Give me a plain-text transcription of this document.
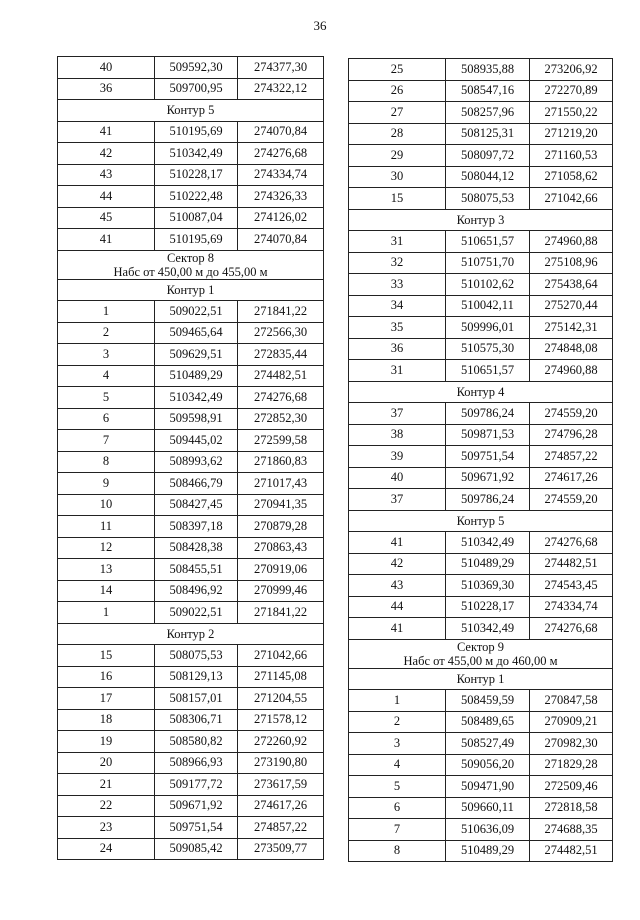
36
40	509592,30	274377,30
36	509700,95	274322,12

Контур 5		

41	510195,69	274070,84
42	510342,49	274276,68
43	510228,17	274334,74
44	510222,48	274326,33
45	510087,04	274126,02
41	510195,69	274070,84

Сектор 8
Набс от 450,00 м до 455,00 м		

Контур 1		

1	509022,51	271841,22
2	509465,64	272566,30
3	509629,51	272835,44
4	510489,29	274482,51
5	510342,49	274276,68
6	509598,91	272852,30
7	509445,02	272599,58
8	508993,62	271860,83
9	508466,79	271017,43
10	508427,45	270941,35
11	508397,18	270879,28
12	508428,38	270863,43
13	508455,51	270919,06
14	508496,92	270999,46
1	509022,51	271841,22

Контур 2		

15	508075,53	271042,66
16	508129,13	271145,08
17	508157,01	271204,55
18	508306,71	271578,12
19	508580,82	272260,92
20	508966,93	273190,80
21	509177,72	273617,59
22	509671,92	274617,26
23	509751,54	274857,22
24	509085,42	273509,77
25	508935,88	273206,92
26	508547,16	272270,89
27	508257,96	271550,22
28	508125,31	271219,20
29	508097,72	271160,53
30	508044,12	271058,62
15	508075,53	271042,66

Контур 3		

31	510651,57	274960,88
32	510751,70	275108,96
33	510102,62	275438,64
34	510042,11	275270,44
35	509996,01	275142,31
36	510575,30	274848,08
31	510651,57	274960,88

Контур 4		

37	509786,24	274559,20
38	509871,53	274796,28
39	509751,54	274857,22
40	509671,92	274617,26
37	509786,24	274559,20

Контур 5		

41	510342,49	274276,68
42	510489,29	274482,51
43	510369,30	274543,45
44	510228,17	274334,74
41	510342,49	274276,68

Сектор 9
Набс от 455,00 м до 460,00 м		

Контур 1		

1	508459,59	270847,58
2	508489,65	270909,21
3	508527,49	270982,30
4	509056,20	271829,28
5	509471,90	272509,46
6	509660,11	272818,58
7	510636,09	274688,35
8	510489,29	274482,51
